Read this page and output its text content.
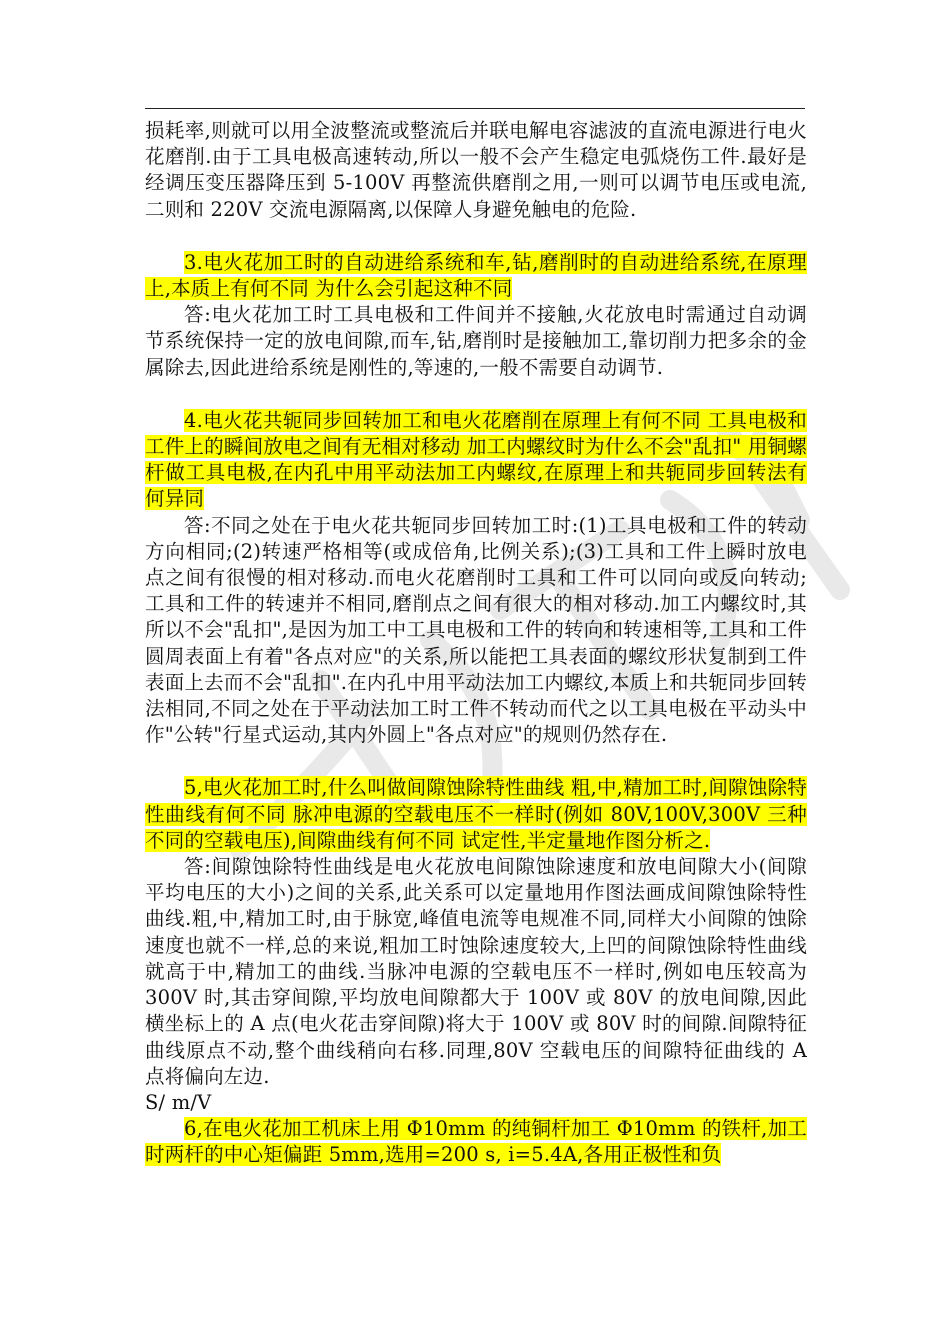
损耗率,则就可以用全波整流或整流后并联电解电容滤波的直流电源进行电火花磨削.由于工具电极高速转动,所以一般不会产生稳定电弧烧伤工件.最好是经调压变压器降压到 5-100V 再整流供磨削之用,一则可以调节电压或电流,二则和 220V 交流电源隔离,以保障人身避免触电的危险.

3.电火花加工时的自动进给系统和车,钻,磨削时的自动进给系统,在原理上,本质上有何不同 为什么会引起这种不同

答:电火花加工时工具电极和工件间并不接触,火花放电时需通过自动调节系统保持一定的放电间隙,而车,钻,磨削时是接触加工,靠切削力把多余的金属除去,因此进给系统是刚性的,等速的,一般不需要自动调节.

4.电火花共轭同步回转加工和电火花磨削在原理上有何不同 工具电极和工件上的瞬间放电之间有无相对移动 加工内螺纹时为什么不会"乱扣" 用铜螺杆做工具电极,在内孔中用平动法加工内螺纹,在原理上和共轭同步回转法有何异同

答:不同之处在于电火花共轭同步回转加工时:(1)工具电极和工件的转动方向相同;(2)转速严格相等(或成倍角,比例关系);(3)工具和工件上瞬时放电点之间有很慢的相对移动.而电火花磨削时工具和工件可以同向或反向转动;工具和工件的转速并不相同,磨削点之间有很大的相对移动.加工内螺纹时,其所以不会"乱扣",是因为加工中工具电极和工件的转向和转速相等,工具和工件圆周表面上有着"各点对应"的关系,所以能把工具表面的螺纹形状复制到工件表面上去而不会"乱扣".在内孔中用平动法加工内螺纹,本质上和共轭同步回转法相同,不同之处在于平动法加工时工件不转动而代之以工具电极在平动头中作"公转"行星式运动,其内外圆上"各点对应"的规则仍然存在.

5,电火花加工时,什么叫做间隙蚀除特性曲线 粗,中,精加工时,间隙蚀除特性曲线有何不同 脉冲电源的空载电压不一样时(例如 80V,100V,300V 三种不同的空载电压),间隙曲线有何不同 试定性,半定量地作图分析之.

答:间隙蚀除特性曲线是电火花放电间隙蚀除速度和放电间隙大小(间隙平均电压的大小)之间的关系,此关系可以定量地用作图法画成间隙蚀除特性曲线.粗,中,精加工时,由于脉宽,峰值电流等电规准不同,同样大小间隙的蚀除速度也就不一样,总的来说,粗加工时蚀除速度较大,上凹的间隙蚀除特性曲线就高于中,精加工的曲线.当脉冲电源的空载电压不一样时,例如电压较高为 300V 时,其击穿间隙,平均放电间隙都大于 100V 或 80V 的放电间隙,因此横坐标上的 A 点(电火花击穿间隙)将大于 100V 或 80V 时的间隙.间隙特征曲线原点不动,整个曲线稍向右移.同理,80V 空载电压的间隙特征曲线的 A 点将偏向左边.

S/ m/V

6,在电火花加工机床上用 Φ10mm 的纯铜杆加工 Φ10mm 的铁杆,加工时两杆的中心矩偏距 5mm,选用=200 s, i=5.4A,各用正极性和负
